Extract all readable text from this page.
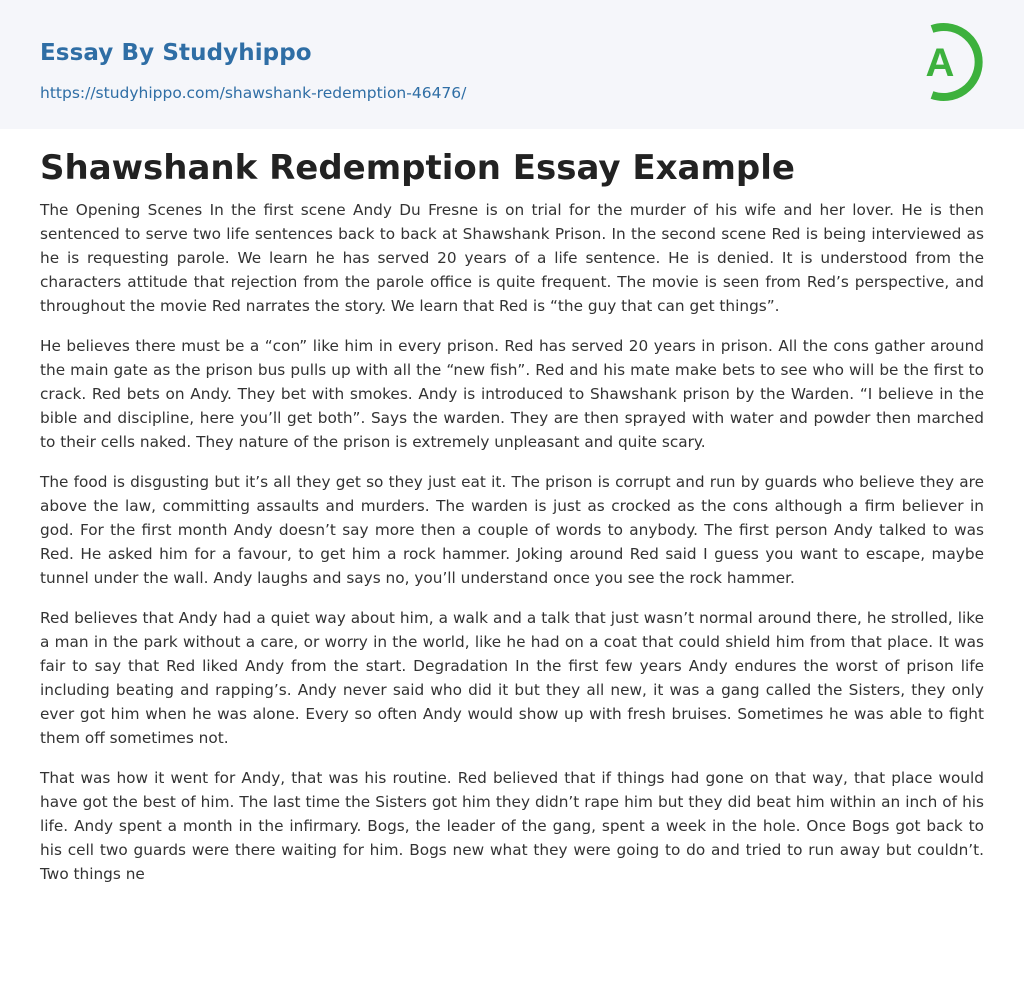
Essay By Studyhippo
https://studyhippo.com/shawshank-redemption-46476/
A
Shawshank Redemption Essay Example

The Opening Scenes In the first scene Andy Du Fresne is on trial for the murder of his wife and her lover. He is then sentenced to serve two life sentences back to back at Shawshank Prison. In the second scene Red is being interviewed as he is requesting parole. We learn he has served 20 years of a life sentence. He is denied. It is understood from the characters attitude that rejection from the parole office is quite frequent. The movie is seen from Red’s perspective, and throughout the movie Red narrates the story. We learn that Red is “the guy that can get things”.

He believes there must be a “con” like him in every prison. Red has served 20 years in prison. All the cons gather around the main gate as the prison bus pulls up with all the “new fish”. Red and his mate make bets to see who will be the first to crack. Red bets on Andy. They bet with smokes. Andy is introduced to Shawshank prison by the Warden. “I believe in the bible and discipline, here you’ll get both”. Says the warden. They are then sprayed with water and powder then marched to their cells naked. They nature of the prison is extremely unpleasant and quite scary.

The food is disgusting but it’s all they get so they just eat it. The prison is corrupt and run by guards who believe they are above the law, committing assaults and murders. The warden is just as crocked as the cons although a firm believer in god. For the first month Andy doesn’t say more then a couple of words to anybody. The first person Andy talked to was Red. He asked him for a favour, to get him a rock hammer. Joking around Red said I guess you want to escape, maybe tunnel under the wall. Andy laughs and says no, you’ll understand once you see the rock hammer.

Red believes that Andy had a quiet way about him, a walk and a talk that just wasn’t normal around there, he strolled, like a man in the park without a care, or worry in the world, like he had on a coat that could shield him from that place. It was fair to say that Red liked Andy from the start. Degradation In the first few years Andy endures the worst of prison life including beating and rapping’s. Andy never said who did it but they all new, it was a gang called the Sisters, they only ever got him when he was alone. Every so often Andy would show up with fresh bruises. Sometimes he was able to fight them off sometimes not.

That was how it went for Andy, that was his routine. Red believed that if things had gone on that way, that place would have got the best of him. The last time the Sisters got him they didn’t rape him but they did beat him within an inch of his life. Andy spent a month in the infirmary. Bogs, the leader of the gang, spent a week in the hole. Once Bogs got back to his cell two guards were there waiting for him. Bogs new what they were going to do and tried to run away but couldn’t. Two things ne
